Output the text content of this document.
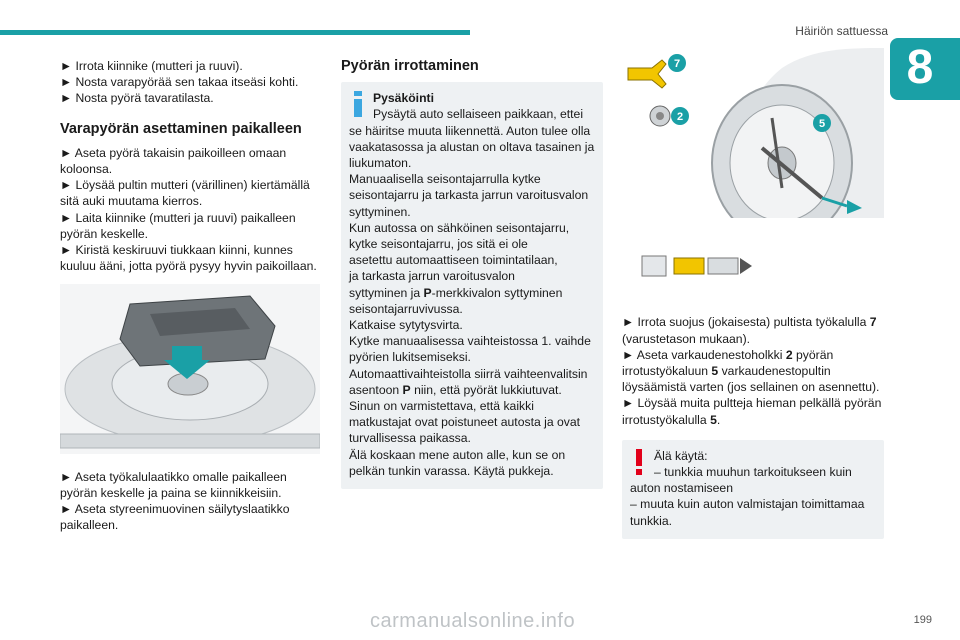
Häiriön sattuessa
8

► Irrota kiinnike (mutteri ja ruuvi).
► Nosta varapyörää sen takaa itseäsi kohti.
► Nosta pyörä tavaratilasta.

Varapyörän asettaminen paikalleen

► Aseta pyörä takaisin paikoilleen omaan
koloonsa.
► Löysää pultin mutteri (värillinen) kiertämällä
sitä auki muutama kierros.
► Laita kiinnike (mutteri ja ruuvi) paikalleen
pyörän keskelle.
► Kiristä keskiruuvi tiukkaan kiinni, kunnes
kuuluu ääni, jotta pyörä pysyy hyvin paikoillaan.

► Aseta työkalulaatikko omalle paikalleen
pyörän keskelle ja paina se kiinnikkeisiin.
► Aseta styreenimuovinen säilytyslaatikko
paikalleen.

Pyörän irrottaminen
Pysäköinti
Pysäytä auto sellaiseen paikkaan, ettei
se häiritse muuta liikennettä. Auton tulee olla
vaakatasossa ja alustan on oltava tasainen ja
liukumaton.
Manuaalisella seisontajarrulla kytke
seisontajarru ja tarkasta jarrun varoitusvalon
syttyminen.
Kun autossa on sähköinen seisontajarru,
kytke seisontajarru, jos sitä ei ole
asetettu automaattiseen toimintatilaan,
ja tarkasta jarrun varoitusvalon
syttyminen ja P-merkkivalon syttyminen
seisontajarruvivussa.
Katkaise sytytysvirta.
Kytke manuaalisessa vaihteistossa 1. vaihde
pyörien lukitsemiseksi.
Automaattivaihteistolla siirrä vaihteenvalitsin
asentoon P niin, että pyörät lukkiutuvat.
Sinun on varmistettava, että kaikki
matkustajat ovat poistuneet autosta ja ovat
turvallisessa paikassa.
Älä koskaan mene auton alle, kun se on
pelkän tunkin varassa. Käytä pukkeja.
7
2
5

► Irrota suojus (jokaisesta) pultista työkalulla 7
(varustetason mukaan).
► Aseta varkaudenestoholkki 2 pyörän
irrotustyökaluun 5 varkaudenestopultin
löysäämistä varten (jos sellainen on asennettu).
► Löysää muita pultteja hieman pelkällä pyörän
irrotustyökalulla 5.
Älä käytä:
– tunkkia muuhun tarkoitukseen kuin
auton nostamiseen
– muuta kuin auton valmistajan toimittamaa
tunkkia.
carmanualsonline.info	199
